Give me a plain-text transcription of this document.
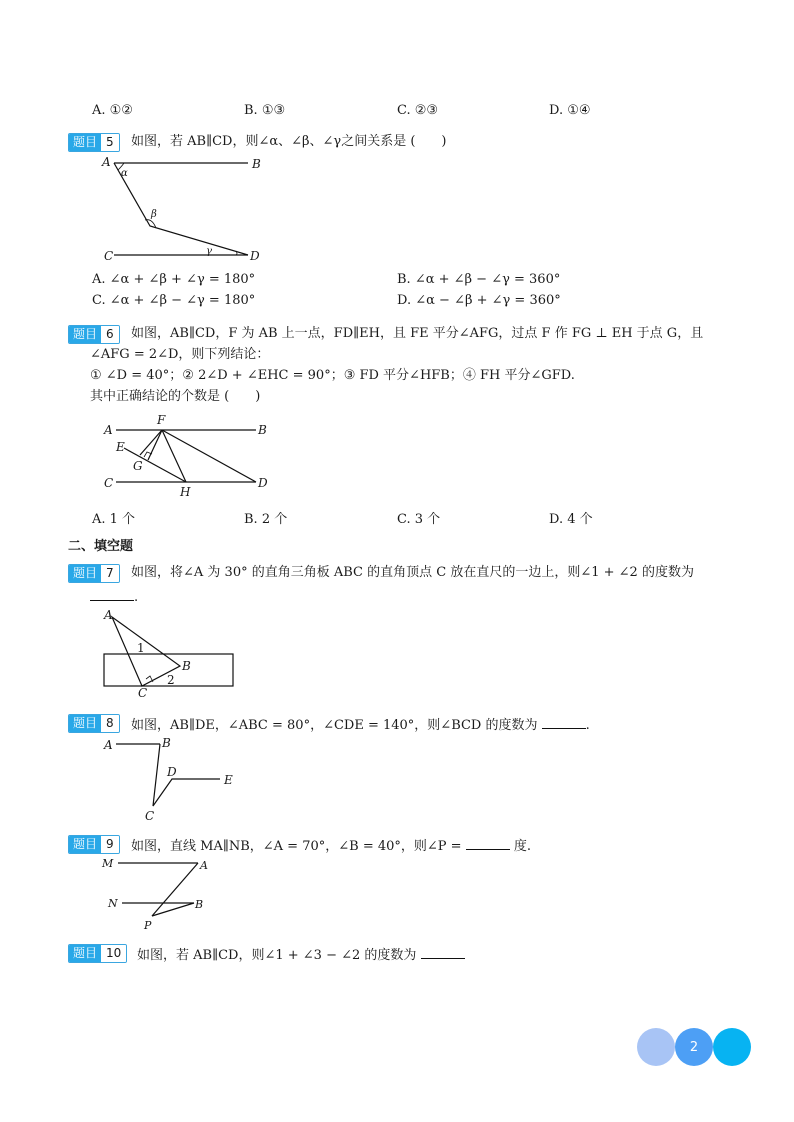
A. ①②	B. ①③	C. ②③	D. ①④
题目 5	如图，若 AB∥CD，则∠α、∠β、∠γ之间关系是 (　　)
A	B
C	D
α
β
γ
A. ∠α + ∠β + ∠γ = 180°	B. ∠α + ∠β − ∠γ = 360°
C. ∠α + ∠β − ∠γ = 180°	D. ∠α − ∠β + ∠γ = 360°
题目 6	如图，AB∥CD，F 为 AB 上一点，FD∥EH，且 FE 平分∠AFG，过点 F 作 FG ⊥ EH 于点 G，且
∠AFG = 2∠D，则下列结论：
① ∠D = 40°；② 2∠D + ∠EHC = 90°；③ FD 平分∠HFB；④ FH 平分∠GFD.
其中正确结论的个数是 (　　)
F
A	B
E
G
C	D
H
A. 1 个	B. 2 个	C. 3 个	D. 4 个
二、填空题
题目 7	如图，将∠A 为 30° 的直角三角板 ABC 的直角顶点 C 放在直尺的一边上，则∠1 + ∠2 的度数为
.
A
B
C
1
2
题目 8	如图，AB∥DE，∠ABC = 80°，∠CDE = 140°，则∠BCD 的度数为	.
A	B
D
E
C
题目 9	如图，直线 MA∥NB，∠A = 70°，∠B = 40°，则∠P =	度.
M	A
N	B
P
题目 10	如图，若 AB∥CD，则∠1 + ∠3 − ∠2 的度数为
2
